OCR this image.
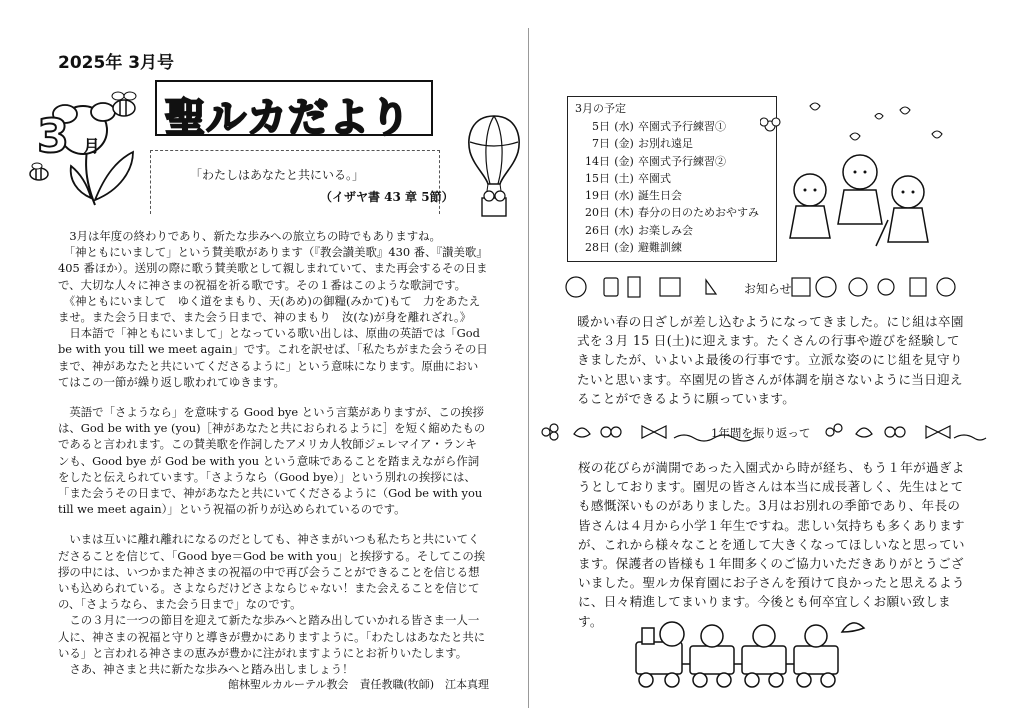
2025年 3月号
3 月
聖ルカだより
「わたしはあなたと共にいる。」
（イザヤ書 43 章 5節）

　3月は年度の終わりであり、新たな歩みへの旅立ちの時でもありますね。

　「神ともにいまして」という賛美歌があります（『教会讃美歌』430 番、『讃美歌』405 番ほか）。送別の際に歌う賛美歌として親しまれていて、また再会するその日まで、大切な人々に神さまの祝福を祈る歌です。その１番はこのような歌詞です。

　《神ともにいまして　ゆく道をまもり、天(あめ)の御糧(みかて)もて　力をあたえませ。また会う日まで、また会う日まで、神のまもり　汝(な)が身を離れざれ。》

　日本語で「神ともにいまして」となっている歌い出しは、原曲の英語では「God be with you till we meet again」です。これを訳せば、「私たちがまた会うその日まで、神があなたと共にいてくださるように」という意味になります。原曲においてはこの一節が繰り返し歌われてゆきます。

　英語で「さようなら」を意味する Good bye という言葉がありますが、この挨拶は、God be with ye (you)［神があなたと共におられるように］を短く縮めたものであると言われます。この賛美歌を作詞したアメリカ人牧師ジェレマイア・ランキンも、Good bye が God be with you という意味であることを踏まえながら作詞をしたと伝えられています。「さようなら（Good bye）」という別れの挨拶には、「また会うその日まで、神があなたと共にいてくださるように（God be with you till we meet again）」という祝福の祈りが込められているのです。

　いまは互いに離れ離れになるのだとしても、神さまがいつも私たちと共にいてくださることを信じて、「Good bye＝God be with you」と挨拶する。そしてこの挨拶の中には、いつかまた神さまの祝福の中で再び会うことができることを信じる想いも込められている。さよならだけどさよならじゃない！また会えることを信じての、「さようなら、また会う日まで」なのです。

　この３月に一つの節目を迎えて新たな歩みへと踏み出していかれる皆さま一人一人に、神さまの祝福と守りと導きが豊かにありますように。「わたしはあなたと共にいる」と言われる神さまの恵みが豊かに注がれますようにとお祈りいたします。

　さあ、神さまと共に新たな歩みへと踏み出しましょう！

館林聖ルカルーテル教会　責任教職(牧師)　江本真理
3月の予定
5日 (水) 卒園式予行練習①
7日 (金) お別れ遠足
14日 (金) 卒園式予行練習②
15日 (土) 卒園式
19日 (水) 誕生日会
20日 (木) 春分の日のためおやすみ
26日 (水) お楽しみ会
28日 (金) 避難訓練
お知らせ
暖かい春の日ざしが差し込むようになってきました。にじ組は卒園式を３月 15 日(土)に迎えます。たくさんの行事や遊びを経験してきましたが、いよいよ最後の行事です。立派な姿のにじ組を見守りたいと思います。卒園児の皆さんが体調を崩さないように当日迎えることができるように願っています。
1年間を振り返って
桜の花びらが満開であった入園式から時が経ち、もう１年が過ぎようとしております。園児の皆さんは本当に成長著しく、先生はとても感慨深いものがありました。3月はお別れの季節であり、年長の皆さんは４月から小学１年生ですね。悲しい気持ちも多くありますが、これから様々なことを通して大きくなってほしいなと思っています。保護者の皆様も１年間多くのご協力いただきありがとうございました。聖ルカ保育園にお子さんを預けて良かったと思えるように、日々精進してまいります。今後とも何卒宜しくお願い致します。
